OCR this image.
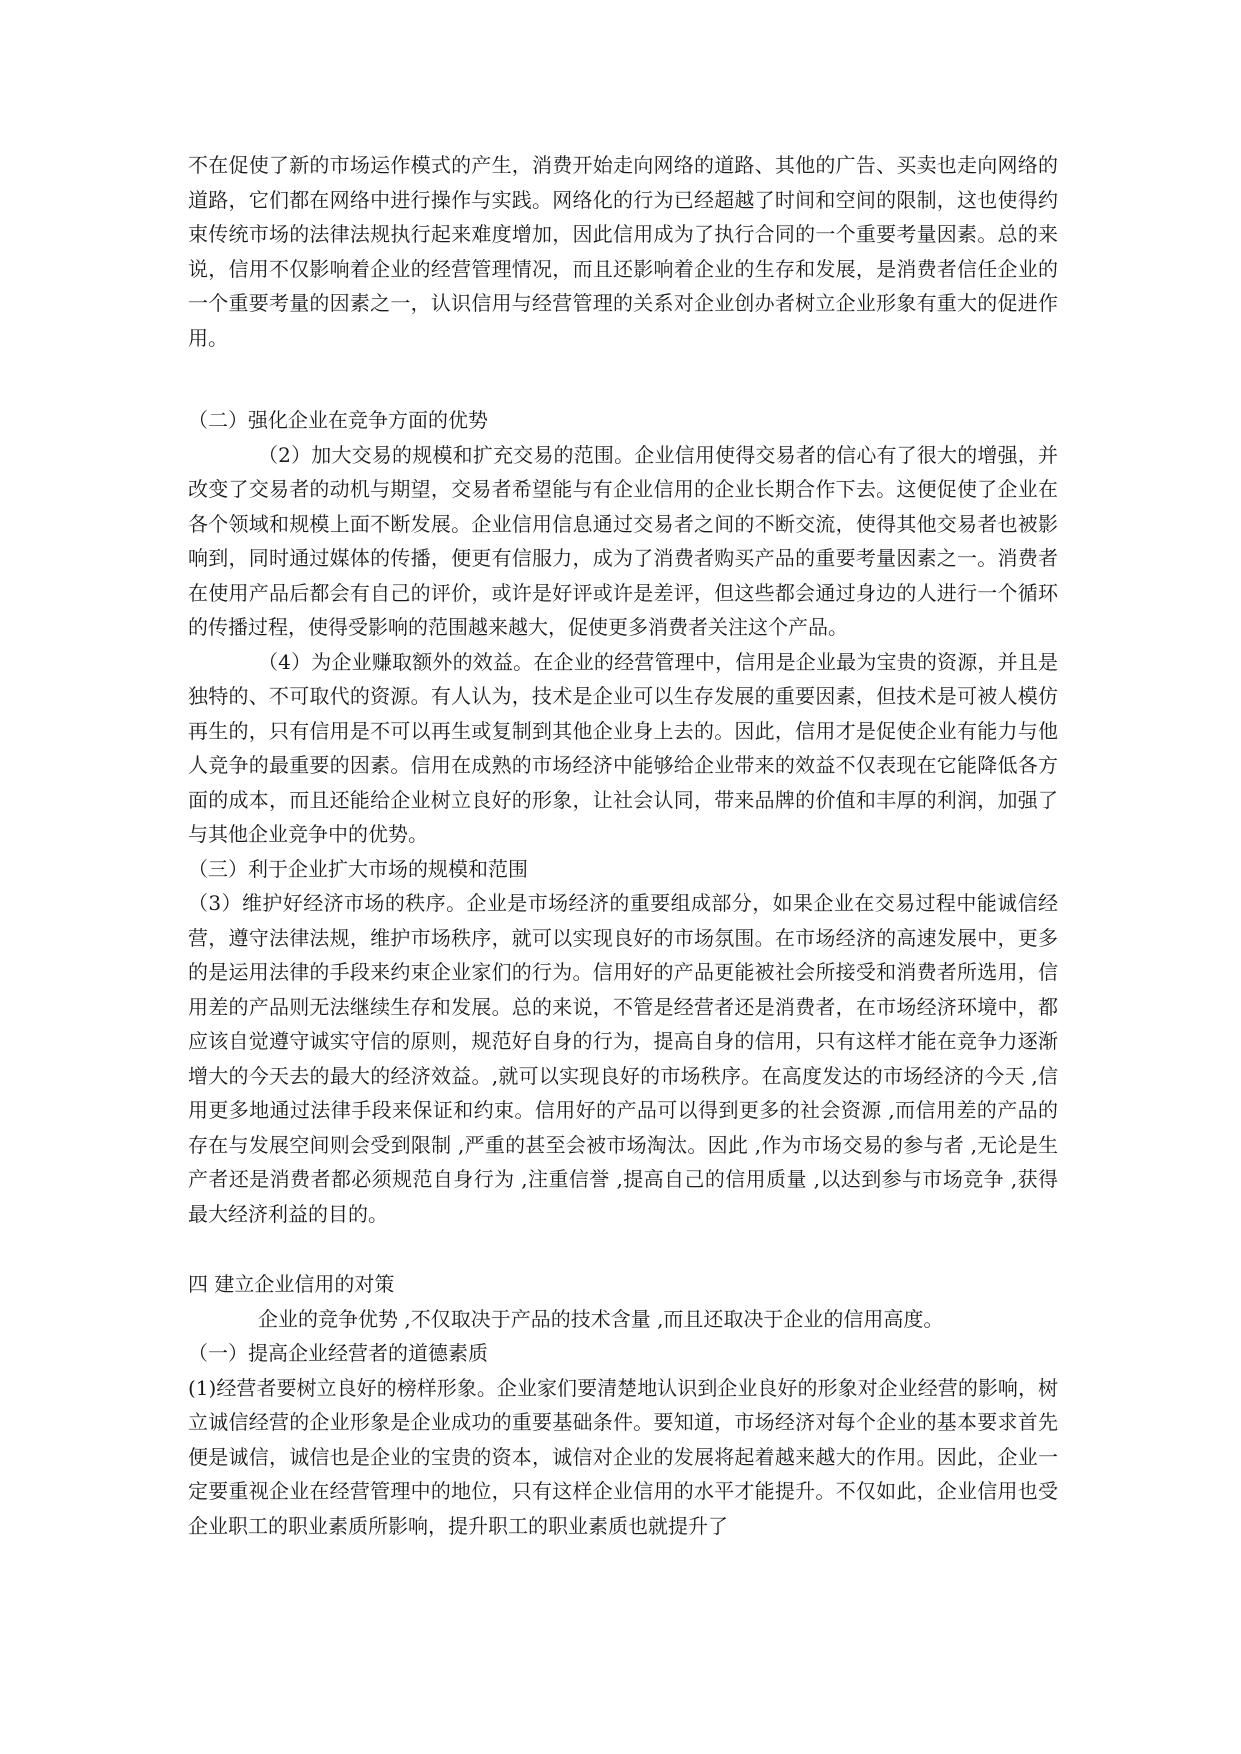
不在促使了新的市场运作模式的产生，消费开始走向网络的道路、其他的广告、买卖也走向网络的道路，它们都在网络中进行操作与实践。网络化的行为已经超越了时间和空间的限制，这也使得约束传统市场的法律法规执行起来难度增加，因此信用成为了执行合同的一个重要考量因素。总的来说，信用不仅影响着企业的经营管理情况，而且还影响着企业的生存和发展，是消费者信任企业的一个重要考量的因素之一，认识信用与经营管理的关系对企业创办者树立企业形象有重大的促进作用。

（二）强化企业在竞争方面的优势

（2）加大交易的规模和扩充交易的范围。企业信用使得交易者的信心有了很大的增强，并改变了交易者的动机与期望，交易者希望能与有企业信用的企业长期合作下去。这便促使了企业在各个领域和规模上面不断发展。企业信用信息通过交易者之间的不断交流，使得其他交易者也被影响到，同时通过媒体的传播，便更有信服力，成为了消费者购买产品的重要考量因素之一。消费者在使用产品后都会有自己的评价，或许是好评或许是差评，但这些都会通过身边的人进行一个循环的传播过程，使得受影响的范围越来越大，促使更多消费者关注这个产品。

（4）为企业赚取额外的效益。在企业的经营管理中，信用是企业最为宝贵的资源，并且是独特的、不可取代的资源。有人认为，技术是企业可以生存发展的重要因素，但技术是可被人模仿再生的，只有信用是不可以再生或复制到其他企业身上去的。因此，信用才是促使企业有能力与他人竞争的最重要的因素。信用在成熟的市场经济中能够给企业带来的效益不仅表现在它能降低各方面的成本，而且还能给企业树立良好的形象，让社会认同，带来品牌的价值和丰厚的利润，加强了与其他企业竞争中的优势。

（三）利于企业扩大市场的规模和范围

（3）维护好经济市场的秩序。企业是市场经济的重要组成部分，如果企业在交易过程中能诚信经营，遵守法律法规，维护市场秩序，就可以实现良好的市场氛围。在市场经济的高速发展中，更多的是运用法律的手段来约束企业家们的行为。信用好的产品更能被社会所接受和消费者所选用，信用差的产品则无法继续生存和发展。总的来说，不管是经营者还是消费者，在市场经济环境中，都应该自觉遵守诚实守信的原则，规范好自身的行为，提高自身的信用，只有这样才能在竞争力逐渐增大的今天去的最大的经济效益。,就可以实现良好的市场秩序。在高度发达的市场经济的今天 ,信用更多地通过法律手段来保证和约束。信用好的产品可以得到更多的社会资源 ,而信用差的产品的存在与发展空间则会受到限制 ,严重的甚至会被市场淘汰。因此 ,作为市场交易的参与者 ,无论是生产者还是消费者都必须规范自身行为 ,注重信誉 ,提高自己的信用质量 ,以达到参与市场竞争 ,获得最大经济利益的目的。

四 建立企业信用的对策

企业的竞争优势 ,不仅取决于产品的技术含量 ,而且还取决于企业的信用高度。

（一）提高企业经营者的道德素质

(1)经营者要树立良好的榜样形象。企业家们要清楚地认识到企业良好的形象对企业经营的影响，树立诚信经营的企业形象是企业成功的重要基础条件。要知道，市场经济对每个企业的基本要求首先便是诚信，诚信也是企业的宝贵的资本，诚信对企业的发展将起着越来越大的作用。因此，企业一定要重视企业在经营管理中的地位，只有这样企业信用的水平才能提升。不仅如此，企业信用也受企业职工的职业素质所影响，提升职工的职业素质也就提升了
